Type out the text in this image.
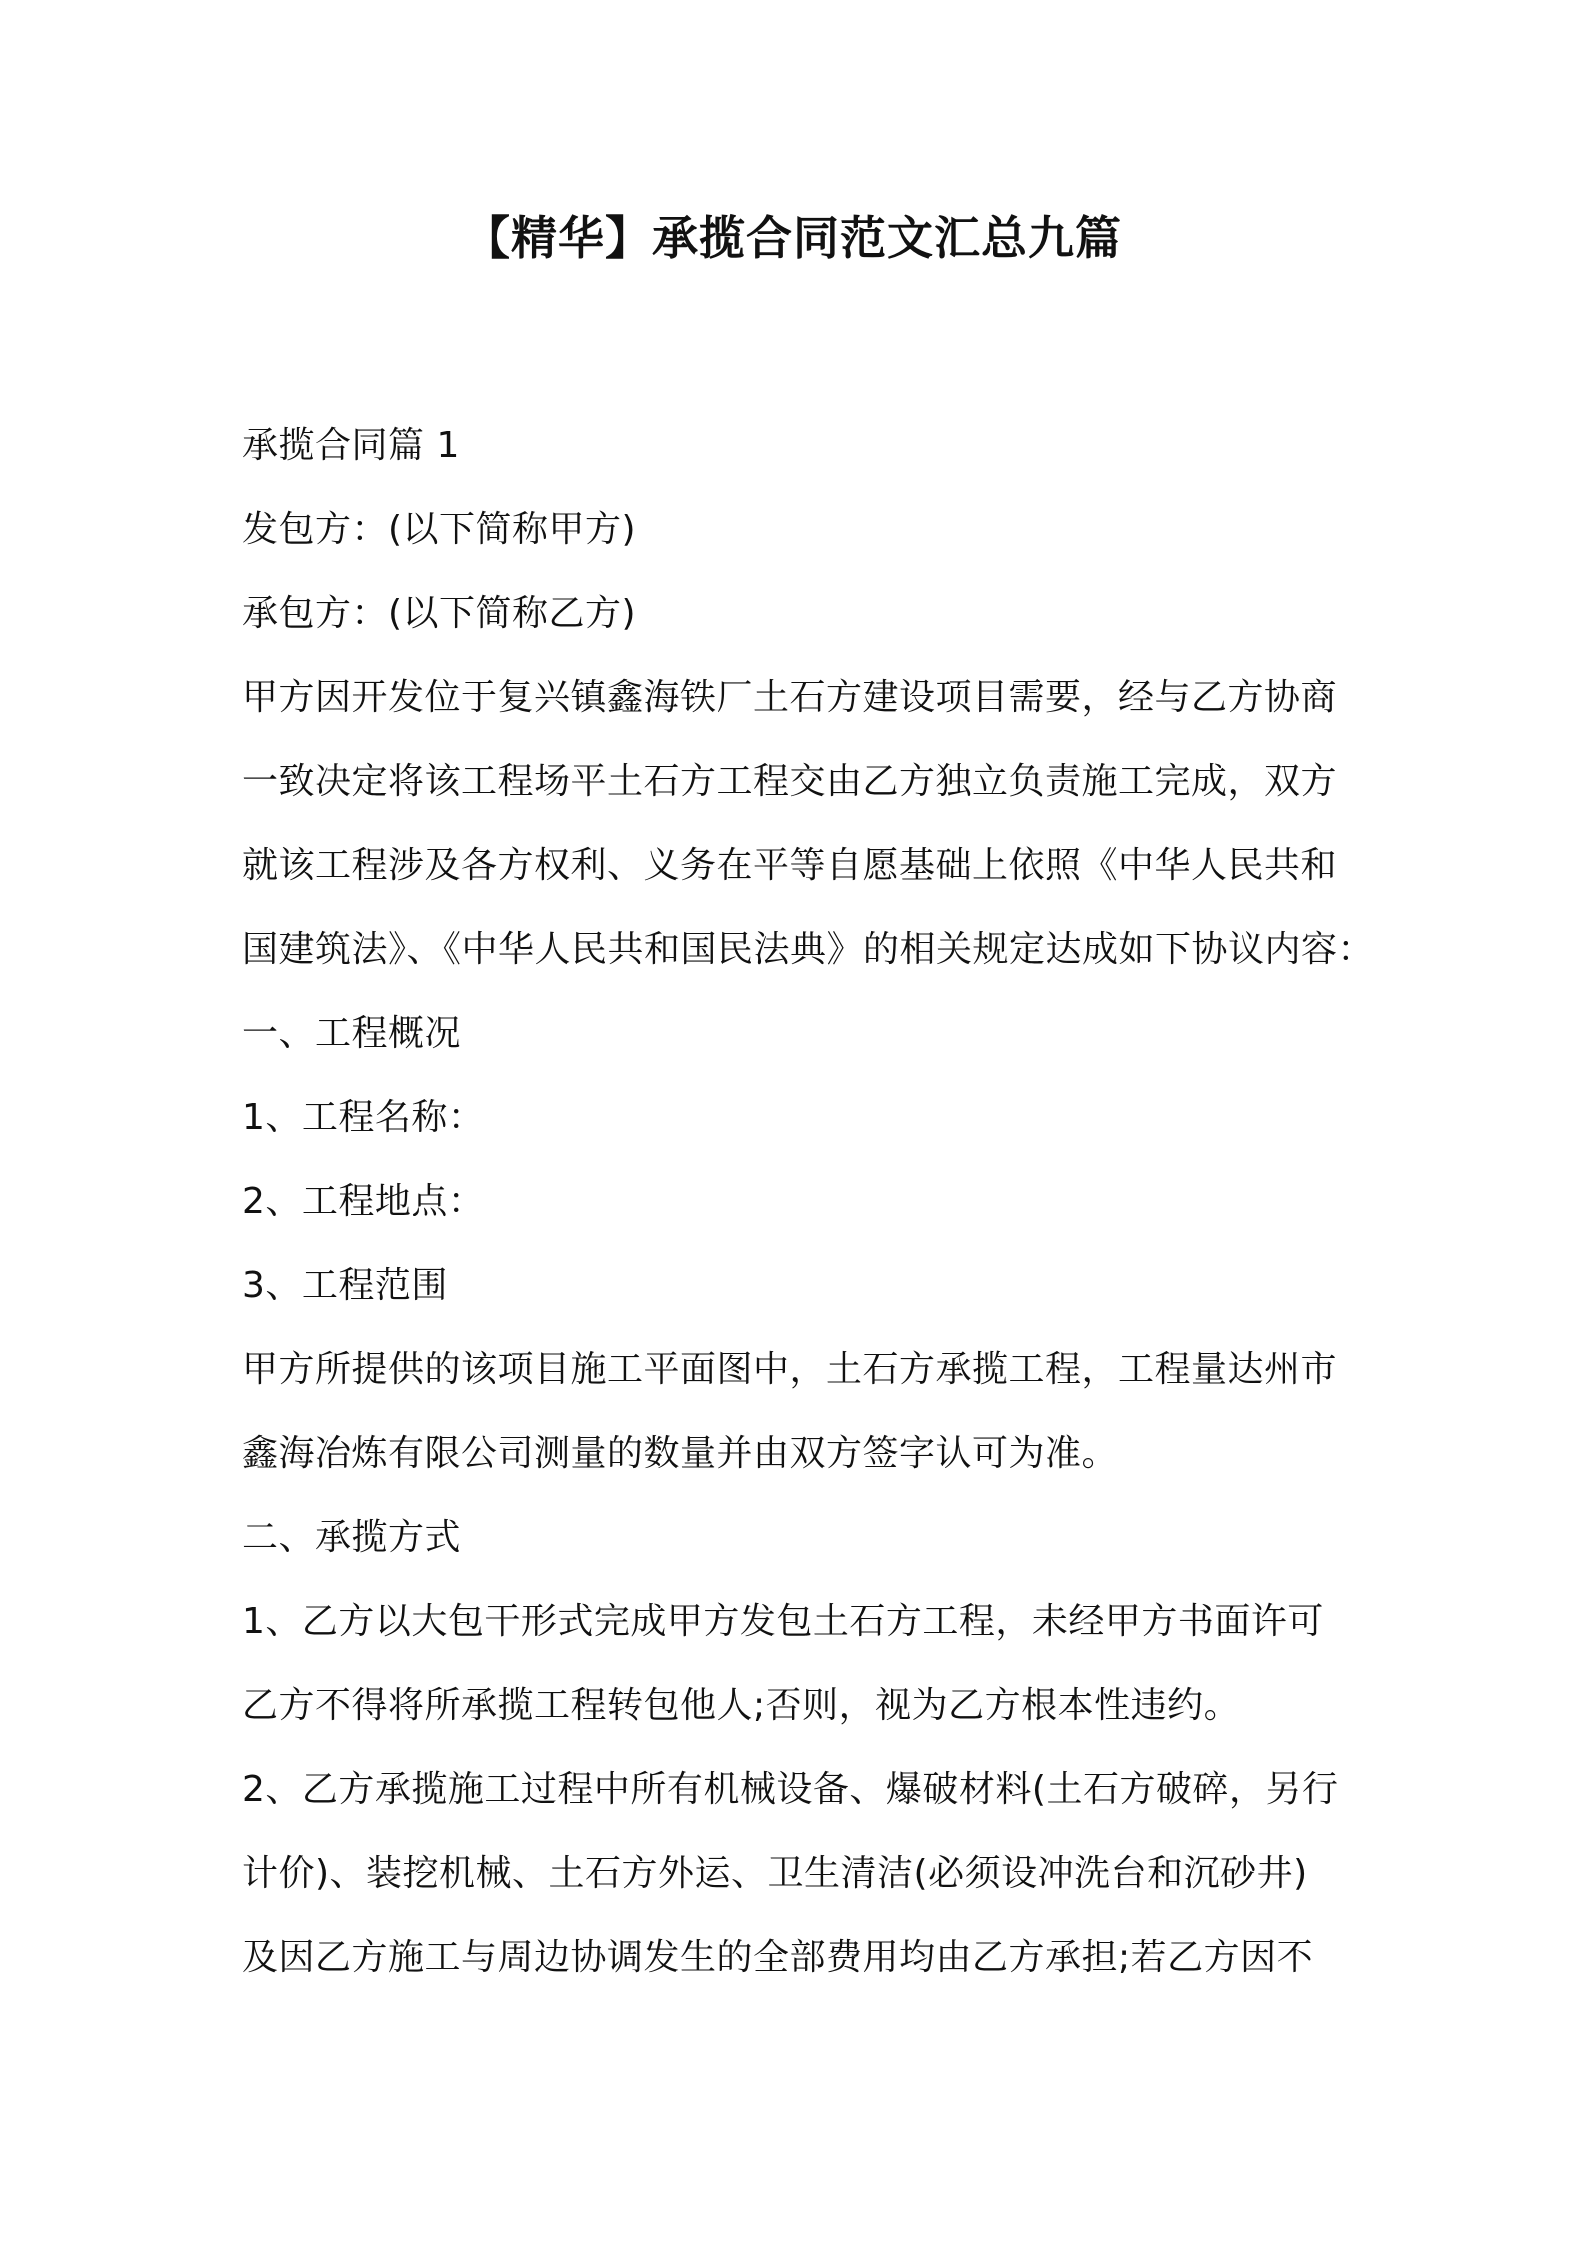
【精华】承揽合同范文汇总九篇
承揽合同篇 1
发包方：(以下简称甲方)
承包方：(以下简称乙方)
甲方因开发位于复兴镇鑫海铁厂土石方建设项目需要，经与乙方协商
一致决定将该工程场平土石方工程交由乙方独立负责施工完成，双方
就该工程涉及各方权利、义务在平等自愿基础上依照《中华人民共和
国建筑法》、《中华人民共和国民法典》的相关规定达成如下协议内容：
一、工程概况
1、工程名称：
2、工程地点：
3、工程范围
甲方所提供的该项目施工平面图中，土石方承揽工程，工程量达州市
鑫海冶炼有限公司测量的数量并由双方签字认可为准。
二、承揽方式
1、乙方以大包干形式完成甲方发包土石方工程，未经甲方书面许可
乙方不得将所承揽工程转包他人;否则，视为乙方根本性违约。
2、乙方承揽施工过程中所有机械设备、爆破材料(土石方破碎，另行
计价)、装挖机械、土石方外运、卫生清洁(必须设冲洗台和沉砂井)
及因乙方施工与周边协调发生的全部费用均由乙方承担;若乙方因不
